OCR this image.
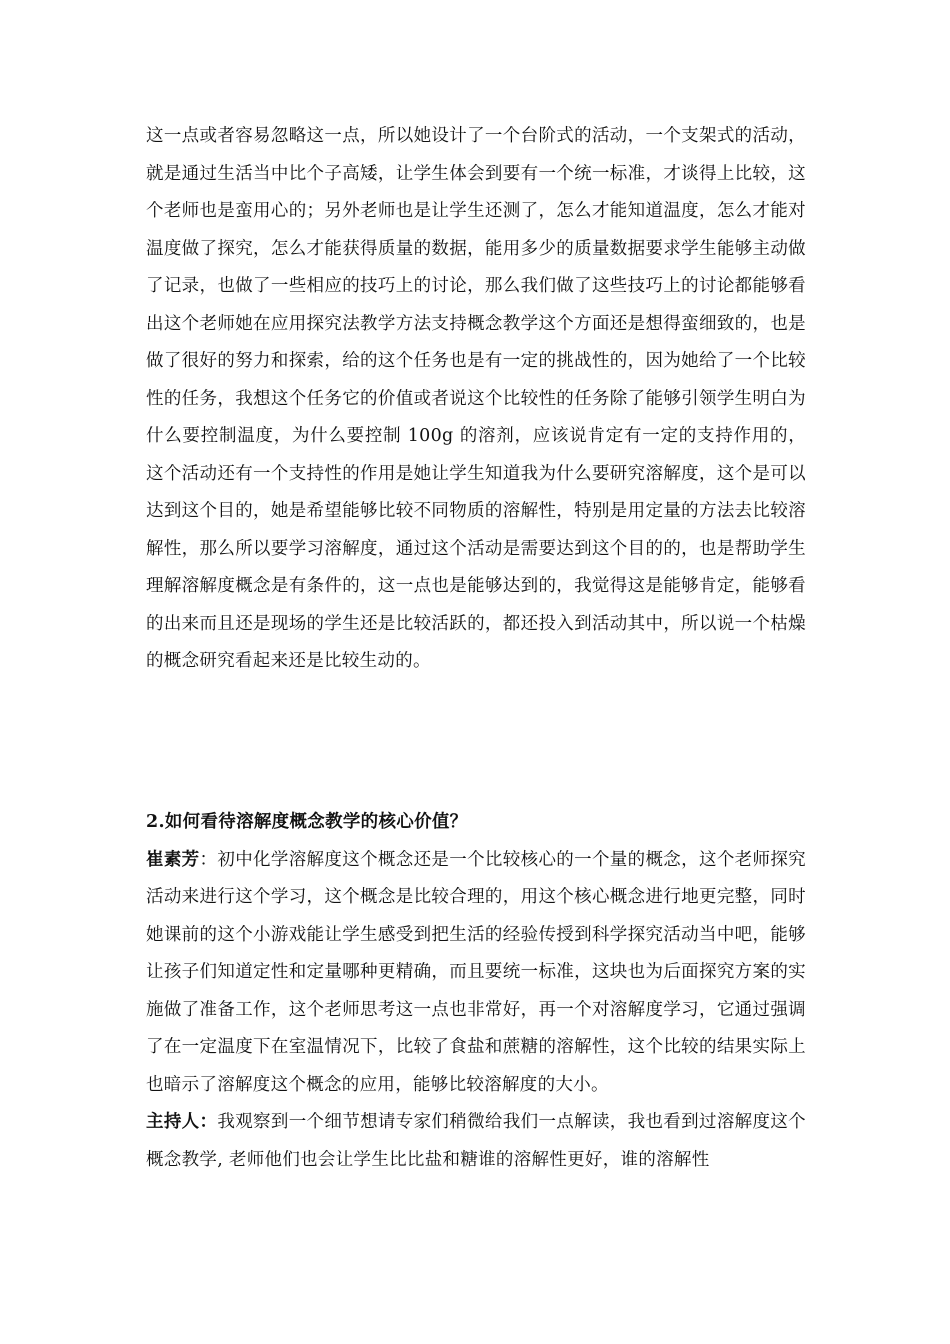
这一点或者容易忽略这一点，所以她设计了一个台阶式的活动，一个支架式的活动，就是通过生活当中比个子高矮，让学生体会到要有一个统一标准，才谈得上比较，这个老师也是蛮用心的；另外老师也是让学生还测了，怎么才能知道温度，怎么才能对温度做了探究，怎么才能获得质量的数据，能用多少的质量数据要求学生能够主动做了记录，也做了一些相应的技巧上的讨论，那么我们做了这些技巧上的讨论都能够看出这个老师她在应用探究法教学方法支持概念教学这个方面还是想得蛮细致的，也是做了很好的努力和探索，给的这个任务也是有一定的挑战性的，因为她给了一个比较性的任务，我想这个任务它的价值或者说这个比较性的任务除了能够引领学生明白为什么要控制温度，为什么要控制 100g 的溶剂，应该说肯定有一定的支持作用的，这个活动还有一个支持性的作用是她让学生知道我为什么要研究溶解度，这个是可以达到这个目的，她是希望能够比较不同物质的溶解性，特别是用定量的方法去比较溶解性，那么所以要学习溶解度，通过这个活动是需要达到这个目的的，也是帮助学生理解溶解度概念是有条件的，这一点也是能够达到的，我觉得这是能够肯定，能够看的出来而且还是现场的学生还是比较活跃的，都还投入到活动其中，所以说一个枯燥的概念研究看起来还是比较生动的。

2.如何看待溶解度概念教学的核心价值？

崔素芳：初中化学溶解度这个概念还是一个比较核心的一个量的概念，这个老师探究活动来进行这个学习，这个概念是比较合理的，用这个核心概念进行地更完整，同时她课前的这个小游戏能让学生感受到把生活的经验传授到科学探究活动当中吧，能够让孩子们知道定性和定量哪种更精确，而且要统一标准，这块也为后面探究方案的实施做了准备工作，这个老师思考这一点也非常好，再一个对溶解度学习，它通过强调了在一定温度下在室温情况下，比较了食盐和蔗糖的溶解性，这个比较的结果实际上也暗示了溶解度这个概念的应用，能够比较溶解度的大小。

主持人：我观察到一个细节想请专家们稍微给我们一点解读，我也看到过溶解度这个概念教学, 老师他们也会让学生比比盐和糖谁的溶解性更好，谁的溶解性
